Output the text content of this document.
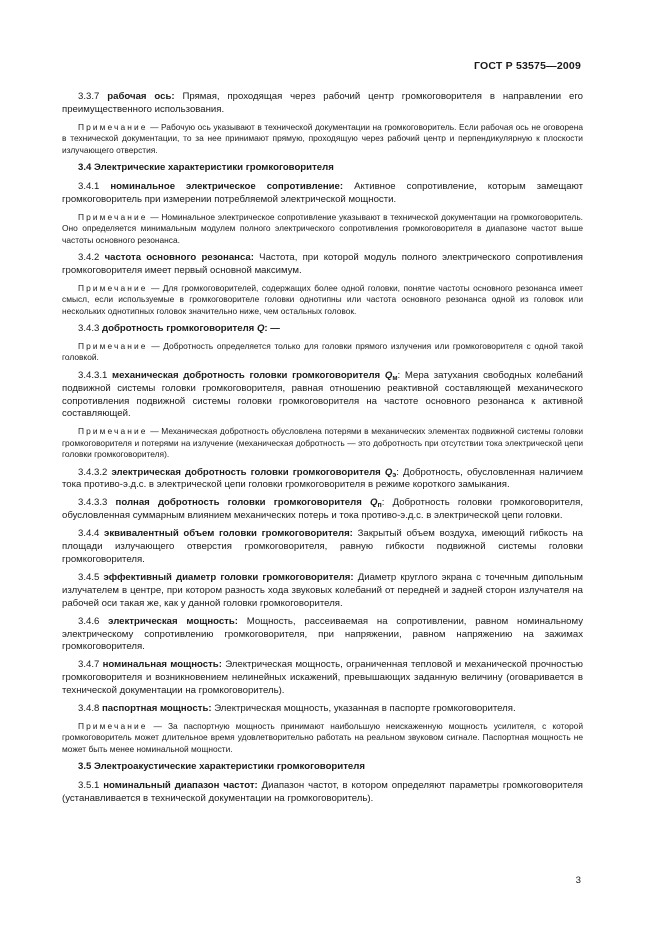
ГОСТ Р 53575—2009

3.3.7 рабочая ось: Прямая, проходящая через рабочий центр громкоговорителя в направлении его преимущественного использования.

Примечание — Рабочую ось указывают в технической документации на громкоговоритель. Если рабочая ось не оговорена в технической документации, то за нее принимают прямую, проходящую через рабочий центр и перпендикулярную к плоскости излучающего отверстия.

3.4 Электрические характеристики громкоговорителя

3.4.1 номинальное электрическое сопротивление: Активное сопротивление, которым замещают громкоговоритель при измерении потребляемой электрической мощности.

Примечание — Номинальное электрическое сопротивление указывают в технической документации на громкоговоритель. Оно определяется минимальным модулем полного электрического сопротивления громкоговорителя в диапазоне частот выше частоты основного резонанса.

3.4.2 частота основного резонанса: Частота, при которой модуль полного электрического сопротивления громкоговорителя имеет первый основной максимум.

Примечание — Для громкоговорителей, содержащих более одной головки, понятие частоты основного резонанса имеет смысл, если используемые в громкоговорителе головки однотипны или частота основного резонанса одной из головок или нескольких однотипных головок значительно ниже, чем остальных головок.

3.4.3 добротность громкоговорителя Q: —

Примечание — Добротность определяется только для головки прямого излучения или громкоговорителя с одной такой головкой.

3.4.3.1 механическая добротность головки громкоговорителя $Q_м$: Мера затухания свободных колебаний подвижной системы головки громкоговорителя, равная отношению реактивной составляющей механического сопротивления подвижной системы головки громкоговорителя на частоте основного резонанса к активной составляющей.

Примечание — Механическая добротность обусловлена потерями в механических элементах подвижной системы головки громкоговорителя и потерями на излучение (механическая добротность — это добротность при отсутствии тока электрической цепи головки громкоговорителя).

3.4.3.2 электрическая добротность головки громкоговорителя $Q_э$: Добротность, обусловленная наличием тока противо-э.д.с. в электрической цепи головки громкоговорителя в режиме короткого замыкания.

3.4.3.3 полная добротность головки громкоговорителя $Q_п$: Добротность головки громкоговорителя, обусловленная суммарным влиянием механических потерь и тока противо-э.д.с. в электрической цепи головки.

3.4.4 эквивалентный объем головки громкоговорителя: Закрытый объем воздуха, имеющий гибкость на площади излучающего отверстия громкоговорителя, равную гибкости подвижной системы головки громкоговорителя.

3.4.5 эффективный диаметр головки громкоговорителя: Диаметр круглого экрана с точечным дипольным излучателем в центре, при котором разность хода звуковых колебаний от передней и задней сторон излучателя на рабочей оси такая же, как у данной головки громкоговорителя.

3.4.6 электрическая мощность: Мощность, рассеиваемая на сопротивлении, равном номинальному электрическому сопротивлению громкоговорителя, при напряжении, равном напряжению на зажимах громкоговорителя.

3.4.7 номинальная мощность: Электрическая мощность, ограниченная тепловой и механической прочностью громкоговорителя и возникновением нелинейных искажений, превышающих заданную величину (оговаривается в технической документации на громкоговоритель).

3.4.8 паспортная мощность: Электрическая мощность, указанная в паспорте громкоговорителя.

Примечание — За паспортную мощность принимают наибольшую неискаженную мощность усилителя, с которой громкоговоритель может длительное время удовлетворительно работать на реальном звуковом сигнале. Паспортная мощность не может быть менее номинальной мощности.

3.5 Электроакустические характеристики громкоговорителя

3.5.1 номинальный диапазон частот: Диапазон частот, в котором определяют параметры громкоговорителя (устанавливается в технической документации на громкоговоритель).

3
